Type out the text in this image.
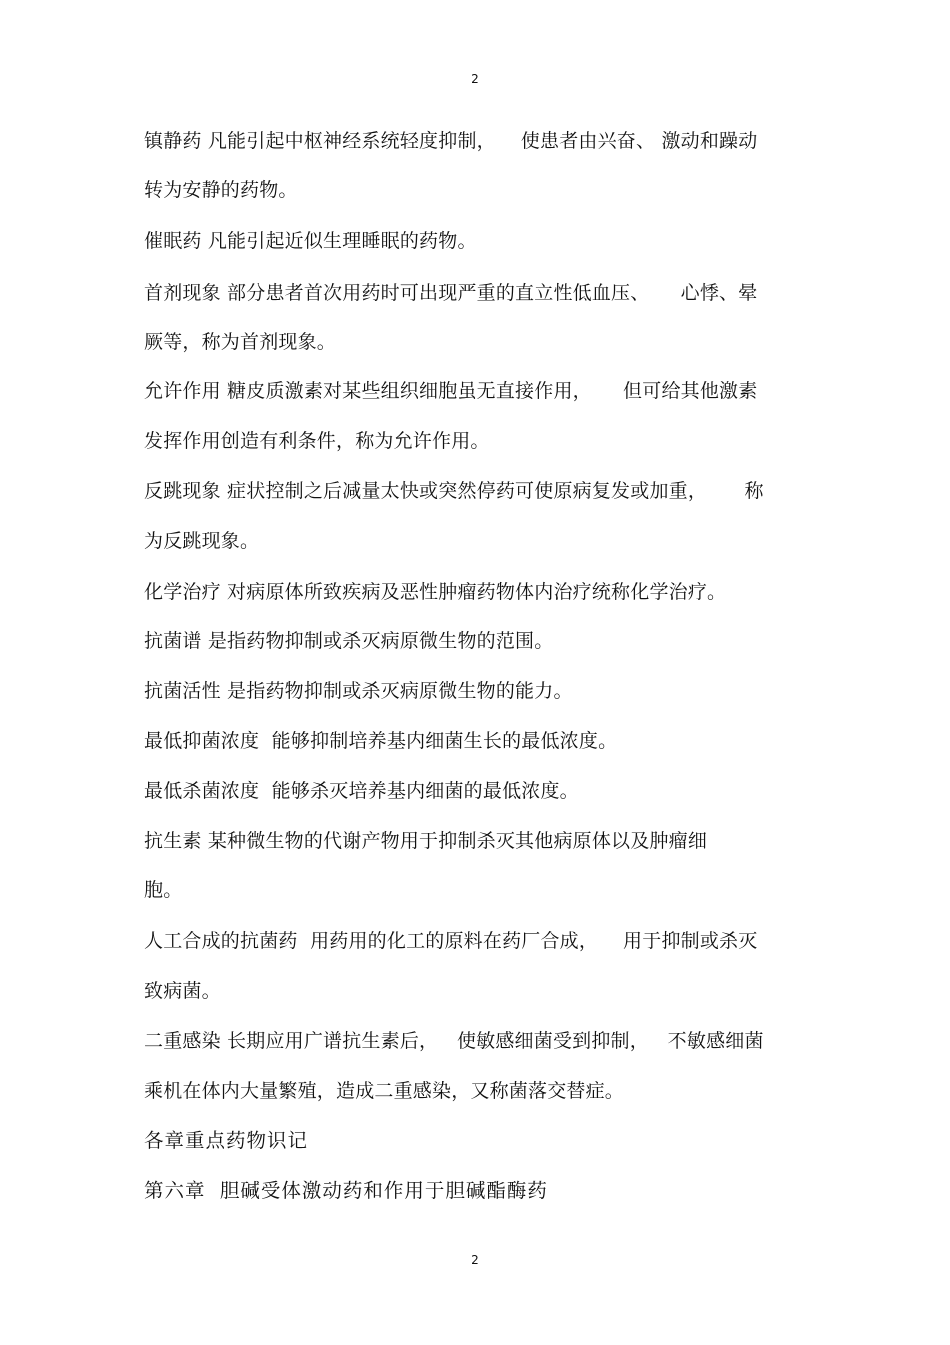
2
镇静药 凡能引起中枢神经系统轻度抑制，    使患者由兴奋、 激动和躁动
转为安静的药物。
催眠药 凡能引起近似生理睡眠的药物。
首剂现象 部分患者首次用药时可出现严重的直立性低血压、     心悸、晕
厥等，称为首剂现象。
允许作用 糖皮质激素对某些组织细胞虽无直接作用，     但可给其他激素
发挥作用创造有利条件，称为允许作用。
反跳现象 症状控制之后减量太快或突然停药可使原病复发或加重，      称
为反跳现象。
化学治疗 对病原体所致疾病及恶性肿瘤药物体内治疗统称化学治疗。
抗菌谱 是指药物抑制或杀灭病原微生物的范围。
抗菌活性 是指药物抑制或杀灭病原微生物的能力。
最低抑菌浓度  能够抑制培养基内细菌生长的最低浓度。
最低杀菌浓度  能够杀灭培养基内细菌的最低浓度。
抗生素 某种微生物的代谢产物用于抑制杀灭其他病原体以及肿瘤细
胞。
人工合成的抗菌药  用药用的化工的原料在药厂合成，    用于抑制或杀灭
致病菌。
二重感染 长期应用广谱抗生素后，   使敏感细菌受到抑制，   不敏感细菌
乘机在体内大量繁殖，造成二重感染，又称菌落交替症。
各章重点药物识记
第六章  胆碱受体激动药和作用于胆碱酯酶药
2
